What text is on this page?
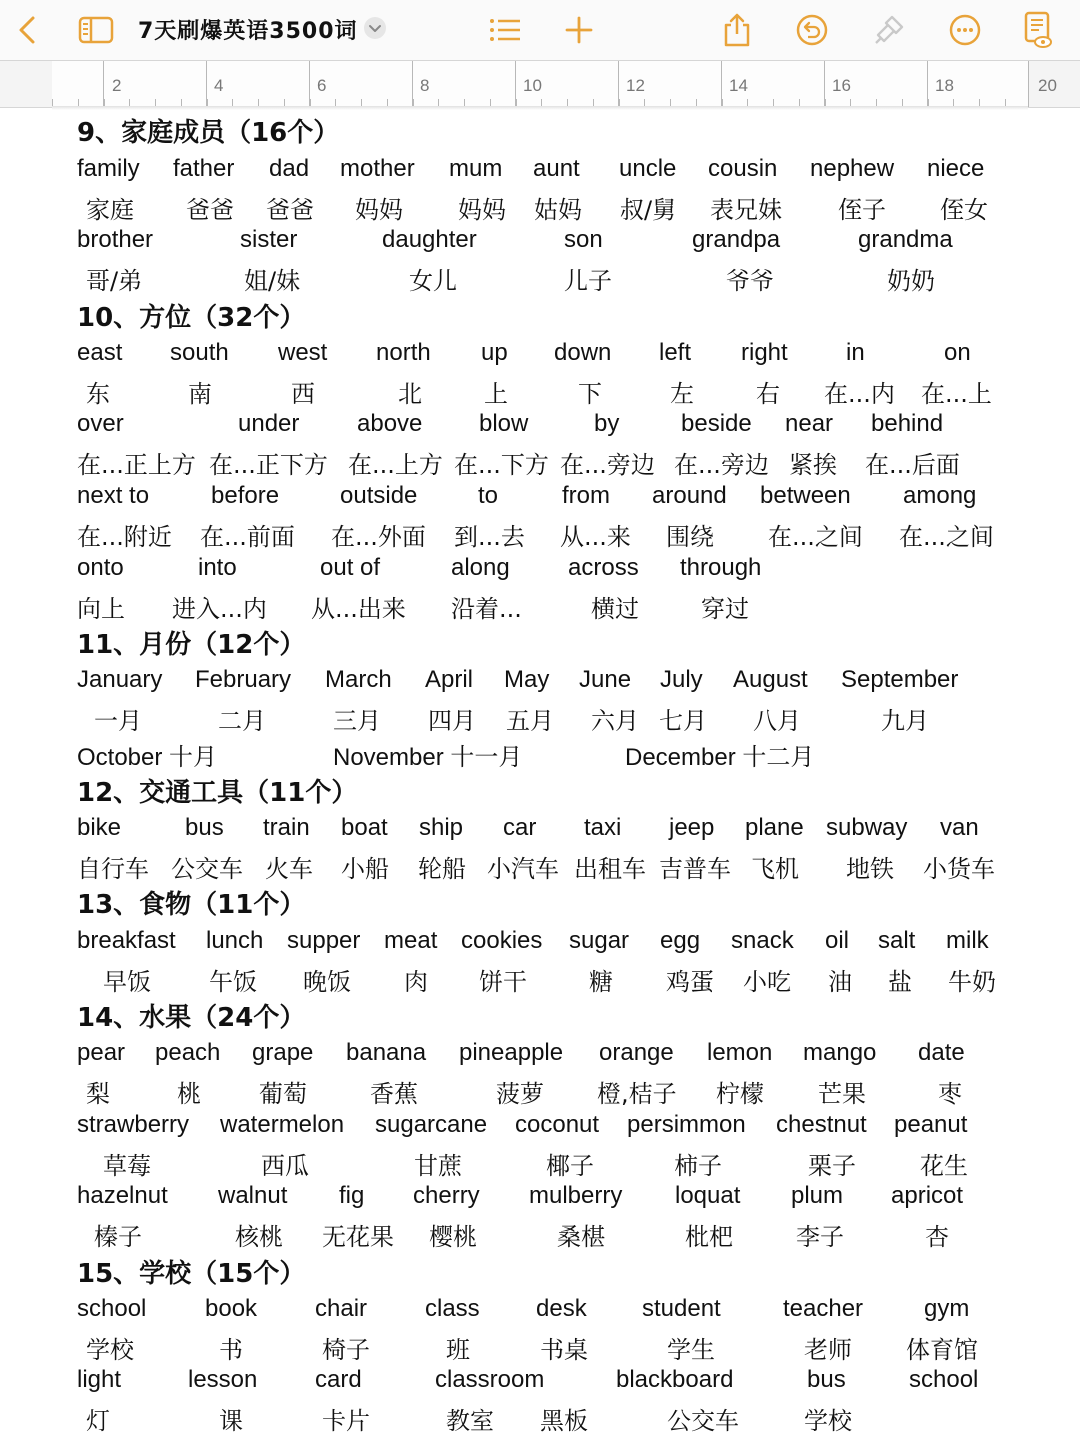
7天刷爆英语3500词
2	4	6	8	10	12	14	16	18	20
9、家庭成员（16个）
family father dad mother mum aunt uncle cousin nephew niece
家庭 爸爸 爸爸 妈妈 妈妈 姑妈 叔/舅 表兄妹 侄子 侄女
brother	sister	daughter	son	grandpa	grandma
哥/弟	姐/妹	女儿	儿子	爷爷	奶奶
10、方位（32个）
east south west north up down left right in	on
东	南	西	北	上	下	左	右 在...内 在...上
over	under above blow	by	beside near behind
在...正上方 在...正下方 在...上方 在...下方 在...旁边 在...旁边 紧挨 在...后面
next to	before	outside	to	from around between among
在...附近 在...前面 在...外面 到...去 从...来 围绕 在...之间 在...之间
onto	into	out of	along across through
向上 进入...内 从...出来 沿着...	横过	穿过
11、月份（12个）
January February March April May June July August September
一月	二月	三月 四月 五月 六月 七月 八月	九月
October 十月	November 十一月	December 十二月
12、交通工具（11个）
bike	bus train boat ship car taxi jeep plane subway van
自行车 公交车 火车 小船 轮船 小汽车 出租车 吉普车 飞机 地铁 小货车
13、食物（11个）
breakfast lunch supper meat cookies sugar egg snack oil salt milk
早饭 午饭 晚饭 肉 饼干	糖 鸡蛋 小吃 油 盐 牛奶
14、水果（24个）
pear peach grape banana pineapple orange lemon mango date
梨	桃 葡萄	香蕉	菠萝 橙,桔子 柠檬 芒果	枣
strawberry watermelon sugarcane coconut persimmon chestnut peanut
草莓	西瓜	甘蔗	椰子	柿子	栗子	花生
hazelnut walnut fig cherry mulberry loquat plum apricot
榛子	核桃 无花果 樱桃	桑椹	枇杷	李子	杏
15、学校（15个）
school book chair class desk student	teacher	gym
学校	书	椅子	班	书桌	学生	老师 体育馆
light	lesson card	classroom	blackboard	bus	school
灯	课	卡片	教室 黑板	公交车	学校
